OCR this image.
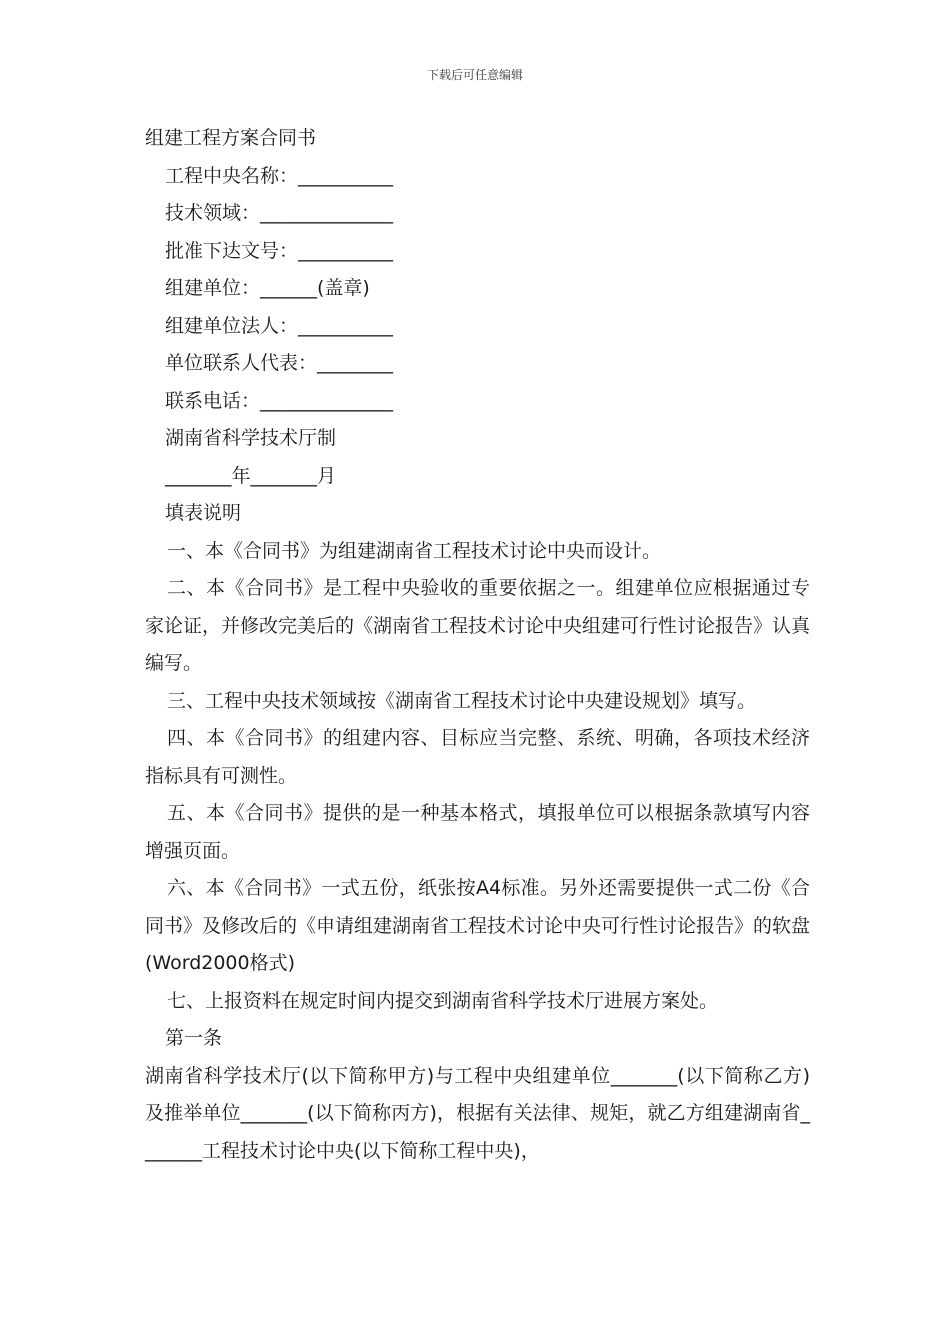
下载后可任意编辑

组建工程方案合同书

工程中央名称：__________

技术领域：______________

批准下达文号：__________

组建单位：______(盖章)

组建单位法人：__________

单位联系人代表：________

联系电话：______________

湖南省科学技术厅制

_______年_______月

填表说明

一、本《合同书》为组建湖南省工程技术讨论中央而设计。

二、本《合同书》是工程中央验收的重要依据之一。组建单位应根据通过专家论证，并修改完美后的《湖南省工程技术讨论中央组建可行性讨论报告》认真编写。

三、工程中央技术领域按《湖南省工程技术讨论中央建设规划》填写。

四、本《合同书》的组建内容、目标应当完整、系统、明确，各项技术经济指标具有可测性。

五、本《合同书》提供的是一种基本格式，填报单位可以根据条款填写内容增强页面。

六、本《合同书》一式五份，纸张按A4标准。另外还需要提供一式二份《合同书》及修改后的《申请组建湖南省工程技术讨论中央可行性讨论报告》的软盘(Word2000格式)

七、上报资料在规定时间内提交到湖南省科学技术厅进展方案处。

第一条

湖南省科学技术厅(以下简称甲方)与工程中央组建单位_______(以下简称乙方)及推举单位_______(以下简称丙方)，根据有关法律、规矩，就乙方组建湖南省_______工程技术讨论中央(以下简称工程中央)，
